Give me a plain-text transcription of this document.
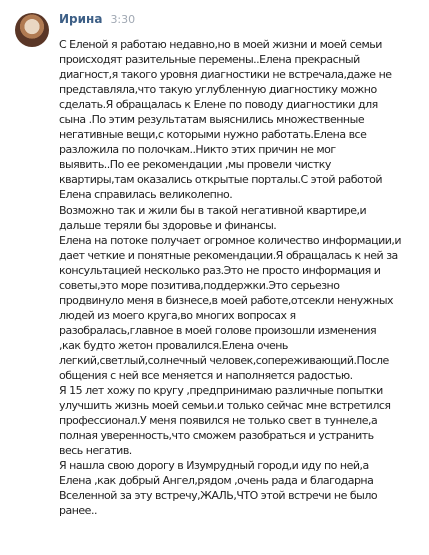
Ирина 3:30
С Еленой я работаю недавно,но в моей жизни и моей семьи
происходят разительные перемены..Елена прекрасный
диагност,я такого уровня диагностики не встречала,даже не
представляла,что такую углубленную диагностику можно
сделать.Я обращалась к Елене по поводу диагностики для
сына .По этим результатам выяснились множественные
негативные вещи,с которыми нужно работать.Елена все
разложила по полочкам..Никто этих причин не мог
выявить..По ее рекомендации ,мы провели чистку
квартиры,там оказались открытые порталы.С этой работой
Елена справилась великолепно.
Возможно так и жили бы в такой негативной квартире,и
дальше теряли бы здоровье и финансы.
Елена на потоке получает огромное количество информации,и
дает четкие и понятные рекомендации.Я обращалась к ней за
консультацией несколько раз.Это не просто информация и
советы,это море позитива,поддержки.Это серьезно
продвинуло меня в бизнесе,в моей работе,отсекли ненужных
людей из моего круга,во многих вопросах я
разобралась,главное в моей голове произошли изменения
,как будто жетон провалился.Елена очень
легкий,светлый,солнечный человек,сопереживающий.После
общения с ней все меняется и наполняется радостью.
Я 15 лет хожу по кругу ,предпринимаю различные попытки
улучшить жизнь моей семьи.и только сейчас мне встретился
профессионал.У меня появился не только свет в туннеле,а
полная уверенность,что сможем разобраться и устранить
весь негатив.
Я нашла свою дорогу в Изумрудный город,и иду по ней,а
Елена ,как добрый Ангел,рядом ,очень рада и благодарна
Вселенной за эту встречу,ЖАЛЬ,ЧТО этой встречи не было
ранее..
